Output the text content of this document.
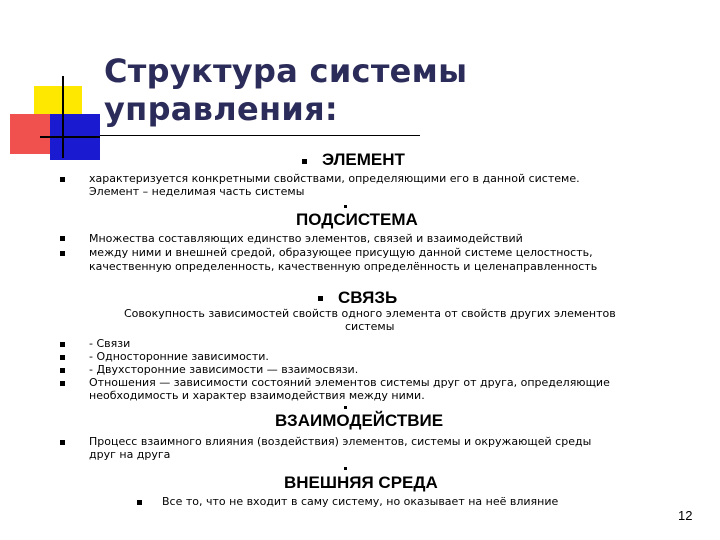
Структура системы
управления:
ЭЛЕМЕНТ
характеризуется конкретными свойствами, определяющими его в данной системе.
Элемент – неделимая часть системы
ПОДСИСТЕМА
Множества составляющих единство элементов, связей и взаимодействий
между ними и внешней средой, образующее присущую данной системе целостность,
качественную определенность, качественную определённость и целенаправленность
СВЯЗЬ
Совокупность зависимостей свойств одного элемента от свойств других элементов
системы
- Связи
- Односторонние зависимости.
- Двухсторонние зависимости — взаимосвязи.
Отношения — зависимости состояний элементов системы друг от друга, определяющие
необходимость и характер взаимодействия между ними.
ВЗАИМОДЕЙСТВИЕ
Процесс взаимного влияния (воздействия) элементов, системы и окружающей среды
друг на друга
ВНЕШНЯЯ СРЕДА
Все то, что не входит в саму систему, но оказывает на неё влияние
12
